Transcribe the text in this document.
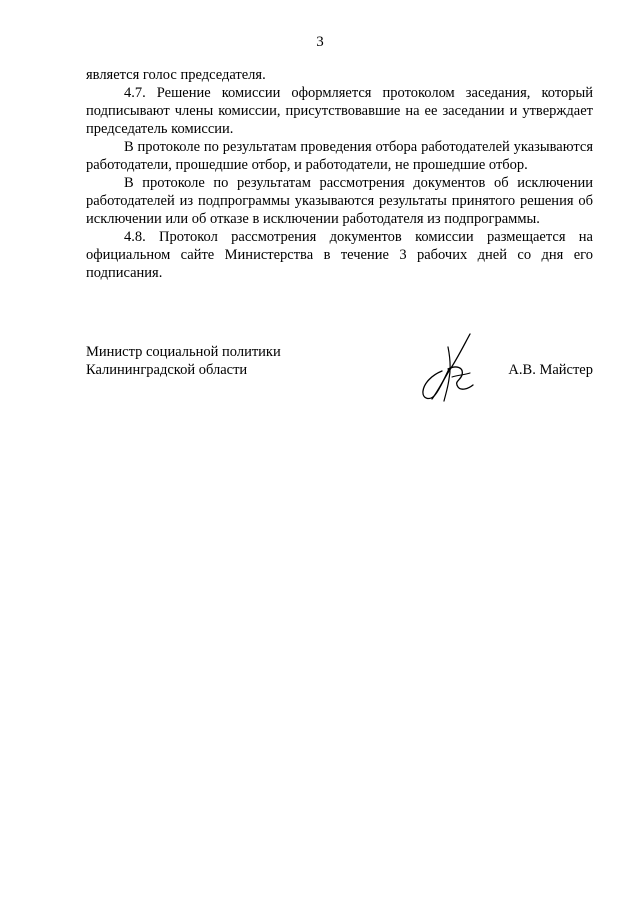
3

является голос председателя.

4.7. Решение комиссии оформляется протоколом заседания, который подписывают члены комиссии, присутствовавшие на ее заседании и утверждает председатель комиссии.

В протоколе по результатам проведения отбора работодателей указываются работодатели, прошедшие отбор, и работодатели, не прошедшие отбор.

В протоколе по результатам рассмотрения документов об исключении работодателей из подпрограммы указываются результаты принятого решения об исключении или об отказе в исключении работодателя из подпрограммы.

4.8. Протокол рассмотрения документов комиссии размещается на официальном сайте Министерства в течение 3 рабочих дней со дня его подписания.

Министр социальной политики
Калининградской области	А.В. Майстер
